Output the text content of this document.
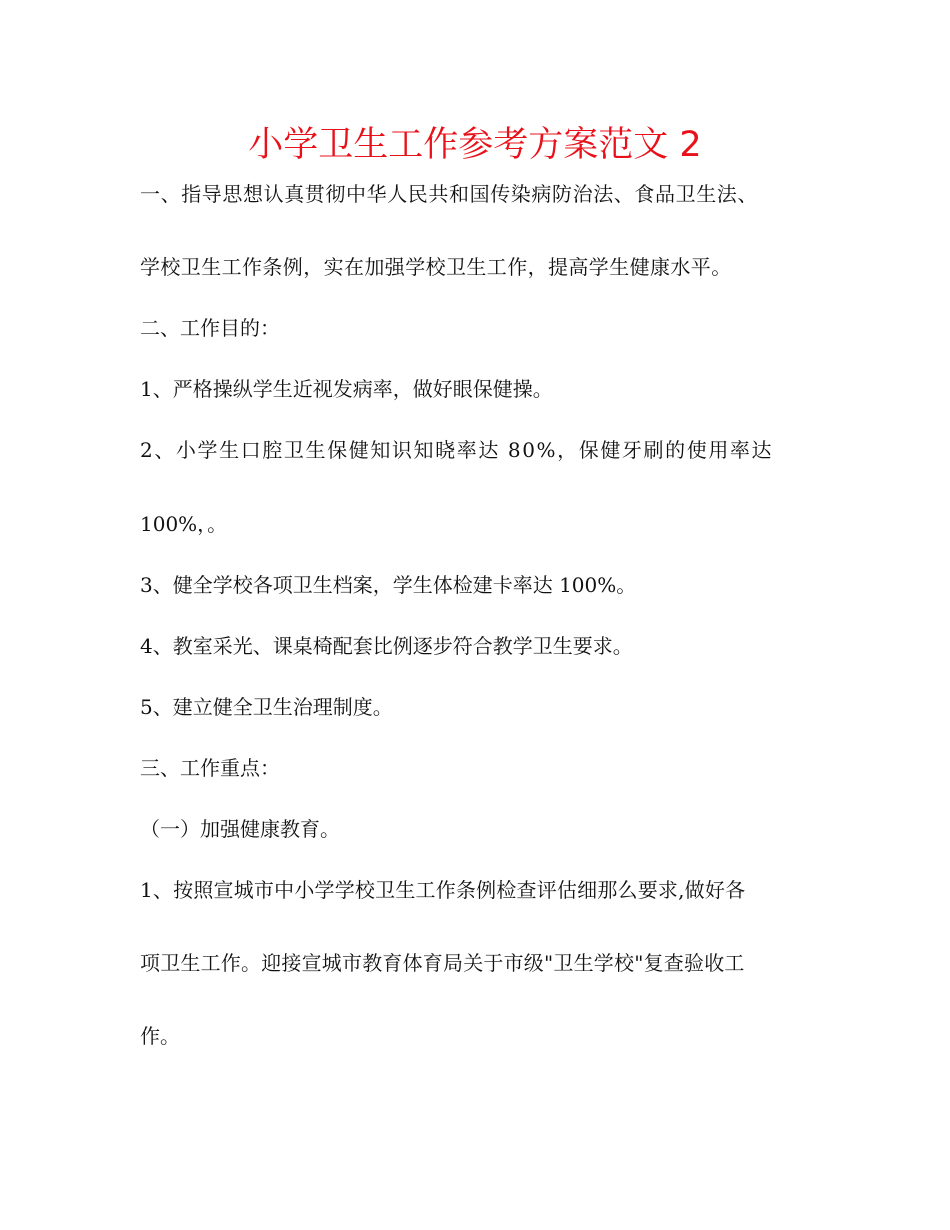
小学卫生工作参考方案范文 2
一、指导思想认真贯彻中华人民共和国传染病防治法、食品卫生法、
学校卫生工作条例，实在加强学校卫生工作，提高学生健康水平。
二、工作目的：
1、严格操纵学生近视发病率，做好眼保健操。
2、小学生口腔卫生保健知识知晓率达 80%，保健牙刷的使用率达
100%，。
3、健全学校各项卫生档案，学生体检建卡率达 100%。
4、教室采光、课桌椅配套比例逐步符合教学卫生要求。
5、建立健全卫生治理制度。
三、工作重点：
（一）加强健康教育。
1、按照宣城市中小学学校卫生工作条例检查评估细那么要求,做好各
项卫生工作。迎接宣城市教育体育局关于市级"卫生学校"复查验收工
作。
